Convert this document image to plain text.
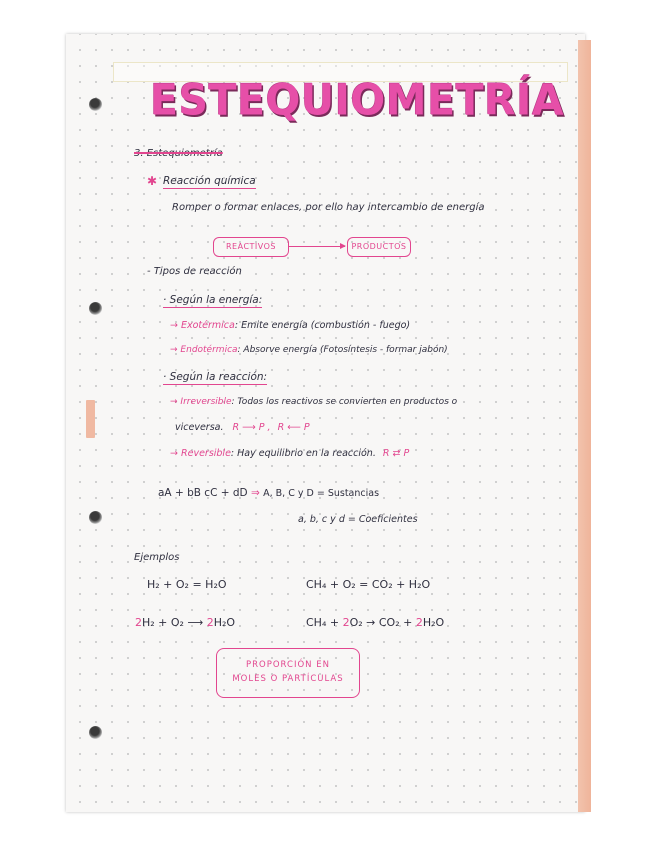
ESTEQUIOMETRÍA
3. Estequiometría
✱ Reacción química
Romper o formar enlaces, por ello hay intercambio de energía
REACTIVOS → PRODUCTOS
- Tipos de reacción
· Según la energía:
→ Exotérmica: Emite energía (combustión - fuego)
→ Endotérmica: Absorve energía (Fotosíntesis - formar jabón)
· Según la reacción:
→ Irreversible: Todos los reactivos se convierten en productos o
viceversa. R ⟶ P , R ⟵ P
→ Reversible: Hay equilibrio en la reacción. R ⇄ P
aA + bB cC + dD ⇒ A, B, C y D = Sustancias
a, b, c y d = Coeficientes
Ejemplos
H₂ + O₂ = H₂O	CH₄ + O₂ = CO₂ + H₂O
2H₂ + O₂ ⟶ 2H₂O	CH₄ + 2O₂ → CO₂ + 2H₂O
PROPORCIÓN EN
MOLES O PARTÍCULAS
